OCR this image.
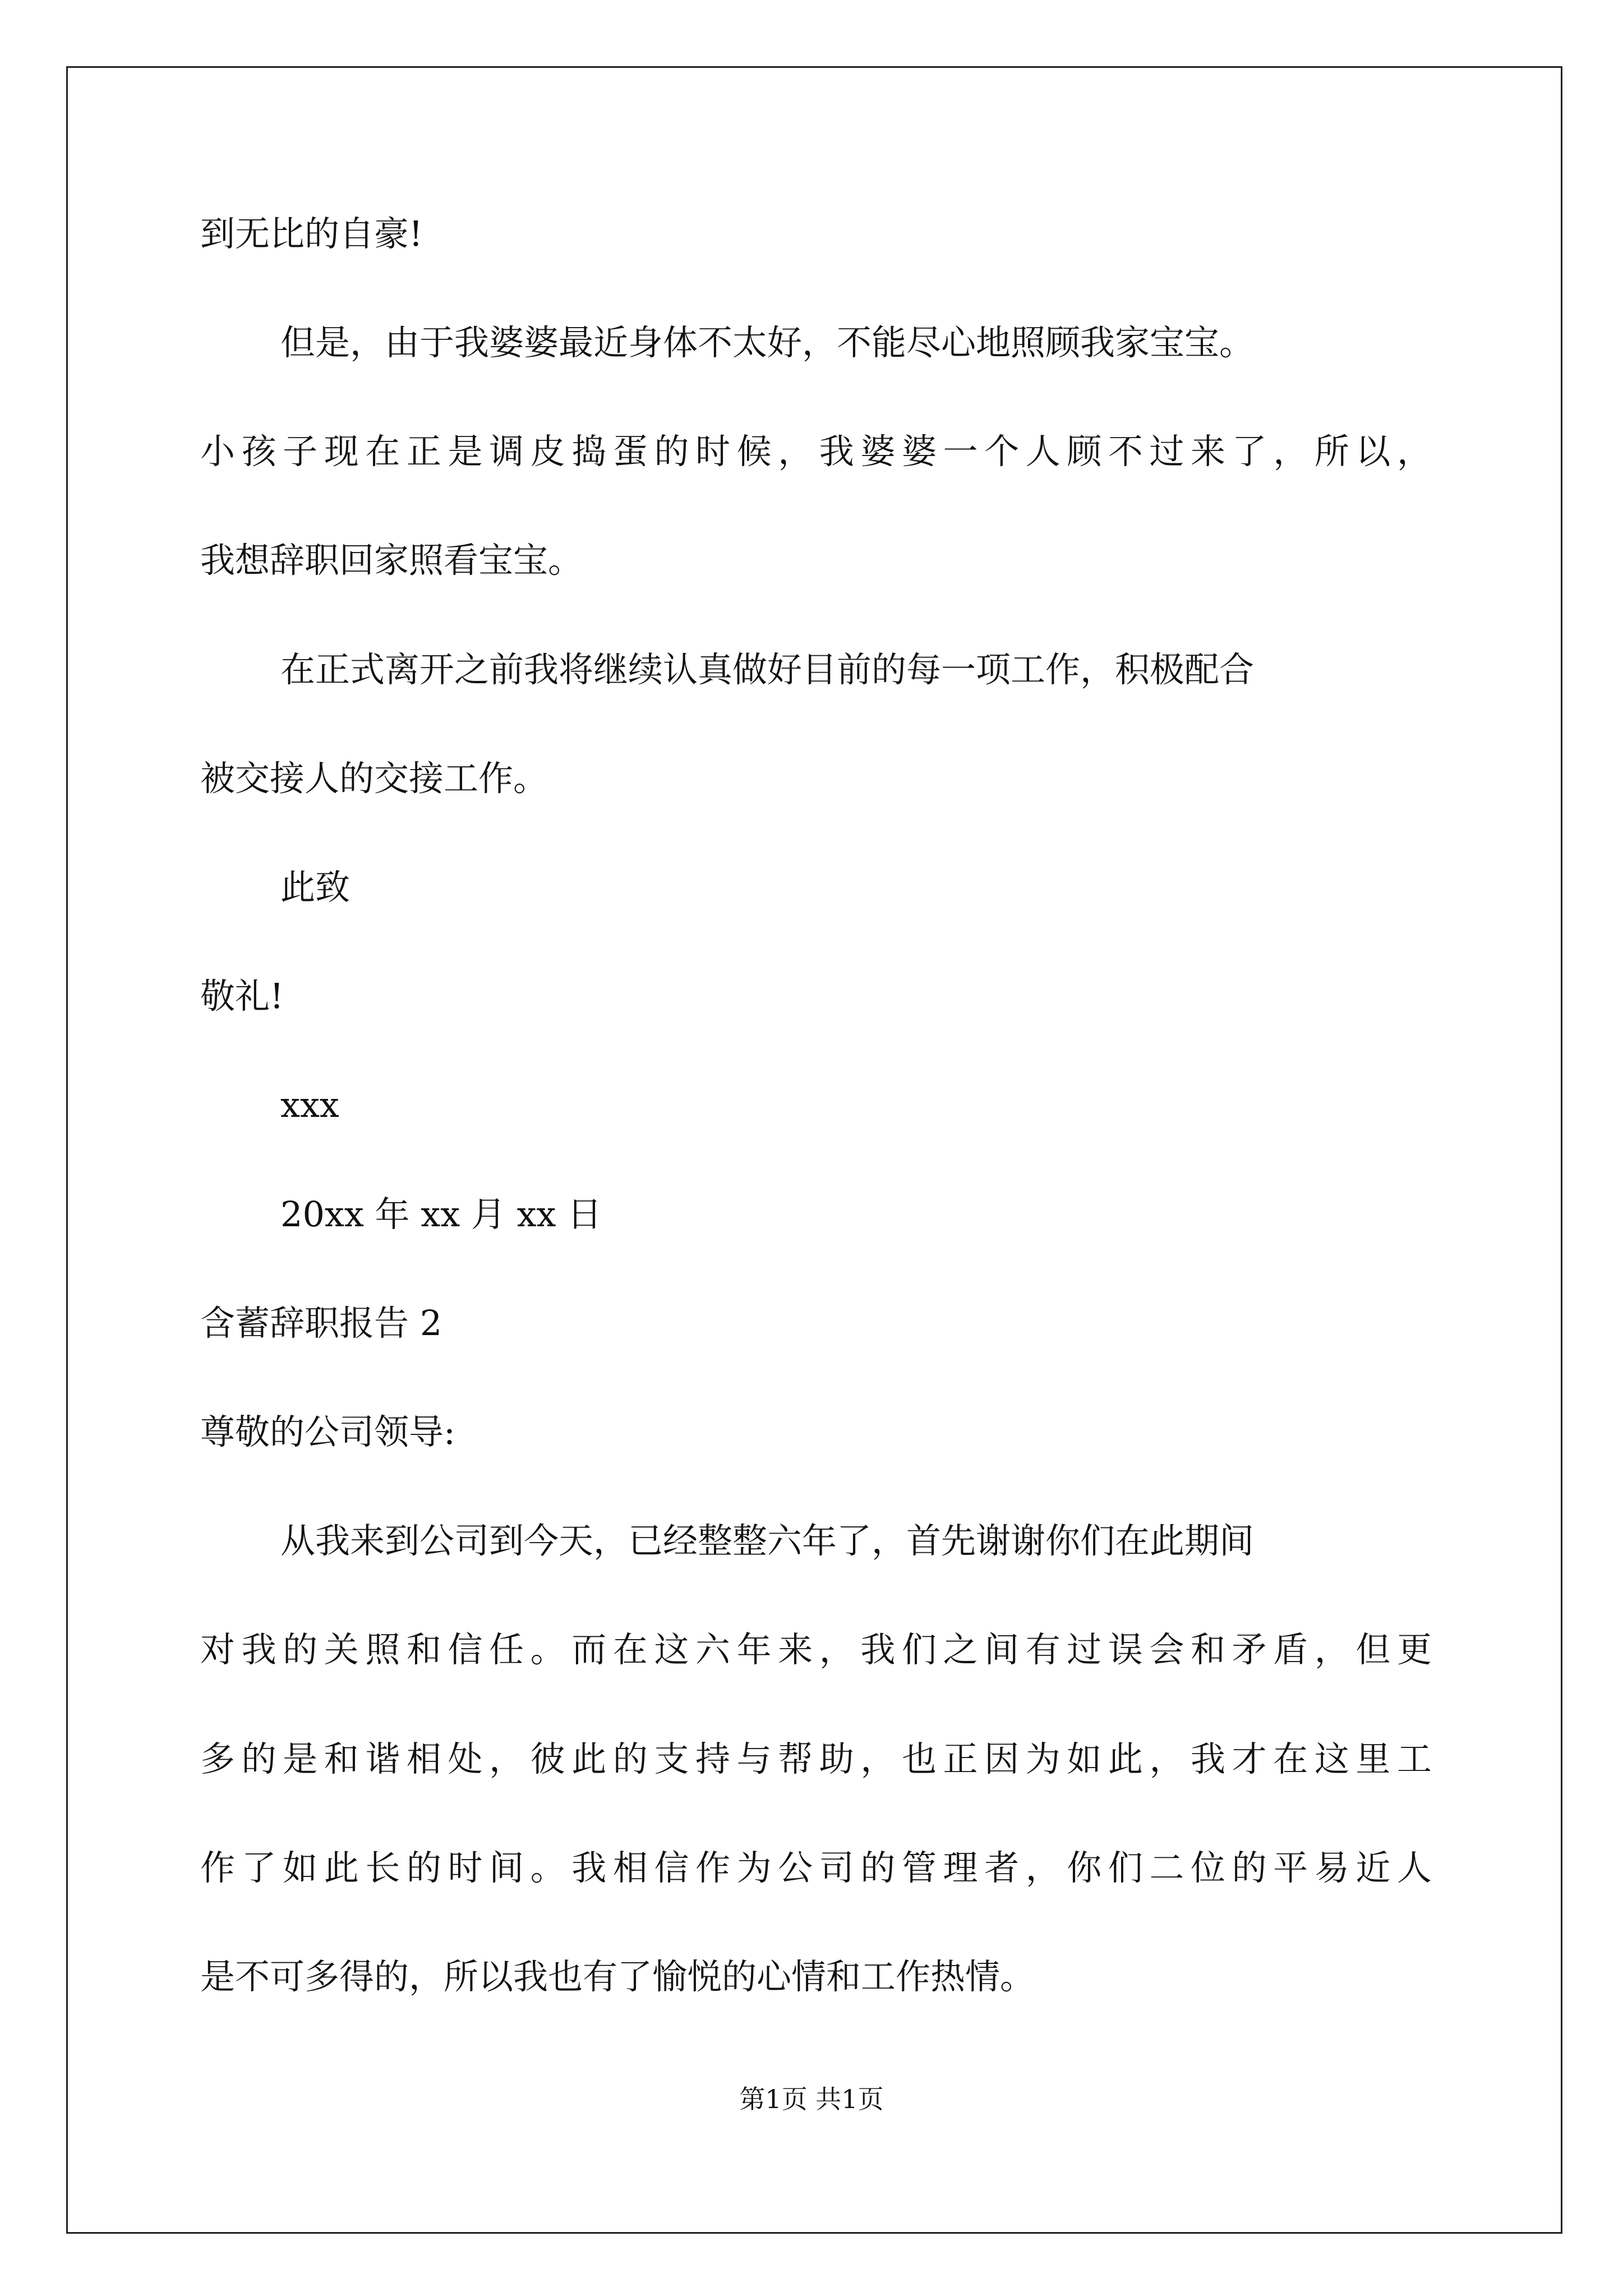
到无比的自豪!
但是，由于我婆婆最近身体不太好，不能尽心地照顾我家宝宝。
小孩子现在正是调皮捣蛋的时候，我婆婆一个人顾不过来了，所以，
我想辞职回家照看宝宝。
在正式离开之前我将继续认真做好目前的每一项工作，积极配合
被交接人的交接工作。
此致
敬礼!
xxx
20xx 年 xx 月 xx 日
含蓄辞职报告 2
尊敬的公司领导:
从我来到公司到今天，已经整整六年了，首先谢谢你们在此期间
对我的关照和信任。而在这六年来，我们之间有过误会和矛盾，但更
多的是和谐相处，彼此的支持与帮助，也正因为如此，我才在这里工
作了如此长的时间。我相信作为公司的管理者，你们二位的平易近人
是不可多得的，所以我也有了愉悦的心情和工作热情。
第1页 共1页
